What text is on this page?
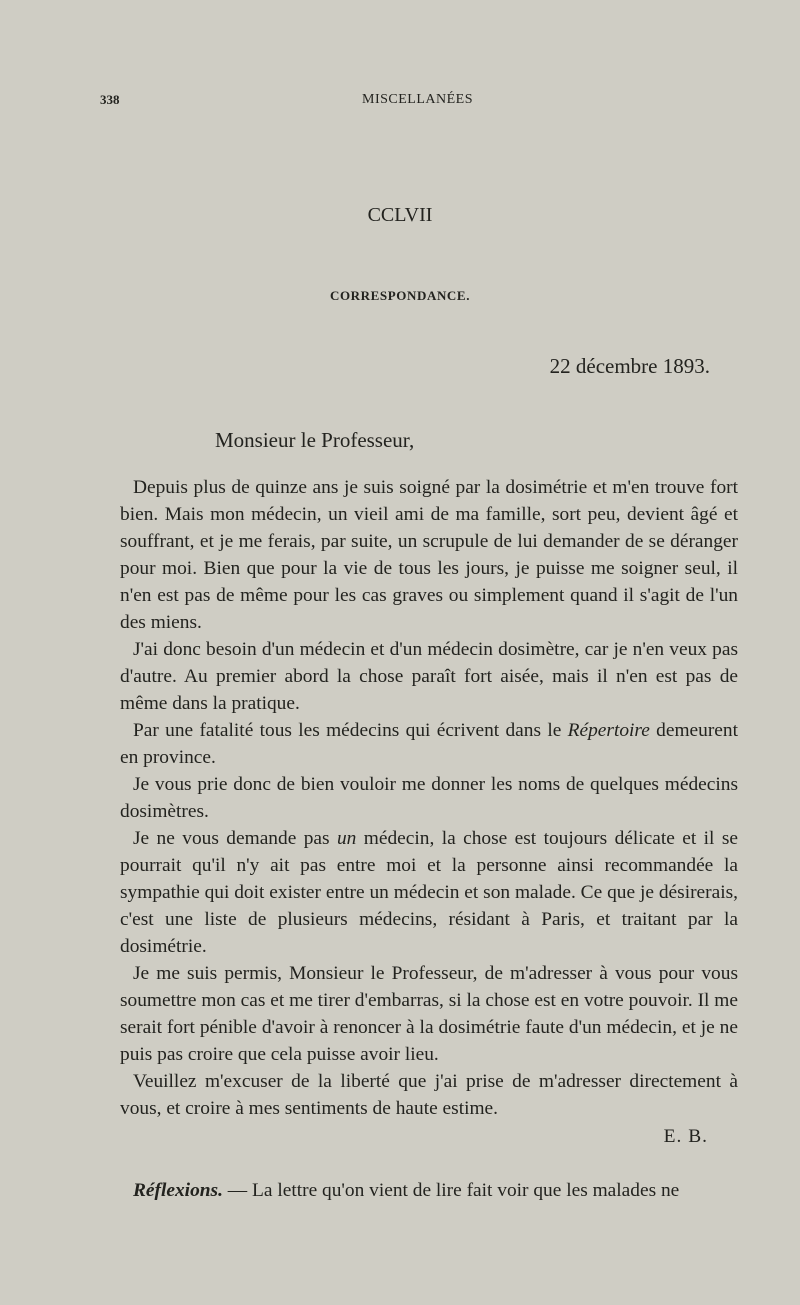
338	MISCELLANÉES
CCLVII
CORRESPONDANCE.
22 décembre 1893.
Monsieur le Professeur,

Depuis plus de quinze ans je suis soigné par la dosimétrie et m'en trouve fort bien. Mais mon médecin, un vieil ami de ma famille, sort peu, devient âgé et souffrant, et je me ferais, par suite, un scrupule de lui demander de se déranger pour moi. Bien que pour la vie de tous les jours, je puisse me soigner seul, il n'en est pas de même pour les cas graves ou simplement quand il s'agit de l'un des miens.

J'ai donc besoin d'un médecin et d'un médecin dosimètre, car je n'en veux pas d'autre. Au premier abord la chose paraît fort aisée, mais il n'en est pas de même dans la pratique.

Par une fatalité tous les médecins qui écrivent dans le Répertoire demeurent en province.

Je vous prie donc de bien vouloir me donner les noms de quelques médecins dosimètres.

Je ne vous demande pas un médecin, la chose est toujours délicate et il se pourrait qu'il n'y ait pas entre moi et la personne ainsi recommandée la sympathie qui doit exister entre un médecin et son malade. Ce que je désirerais, c'est une liste de plusieurs médecins, résidant à Paris, et traitant par la dosimétrie.

Je me suis permis, Monsieur le Professeur, de m'adresser à vous pour vous soumettre mon cas et me tirer d'embarras, si la chose est en votre pouvoir. Il me serait fort pénible d'avoir à renoncer à la dosimétrie faute d'un médecin, et je ne puis pas croire que cela puisse avoir lieu.

Veuillez m'excuser de la liberté que j'ai prise de m'adresser directement à vous, et croire à mes sentiments de haute estime.

E. B.
Réflexions. — La lettre qu'on vient de lire fait voir que les malades ne
